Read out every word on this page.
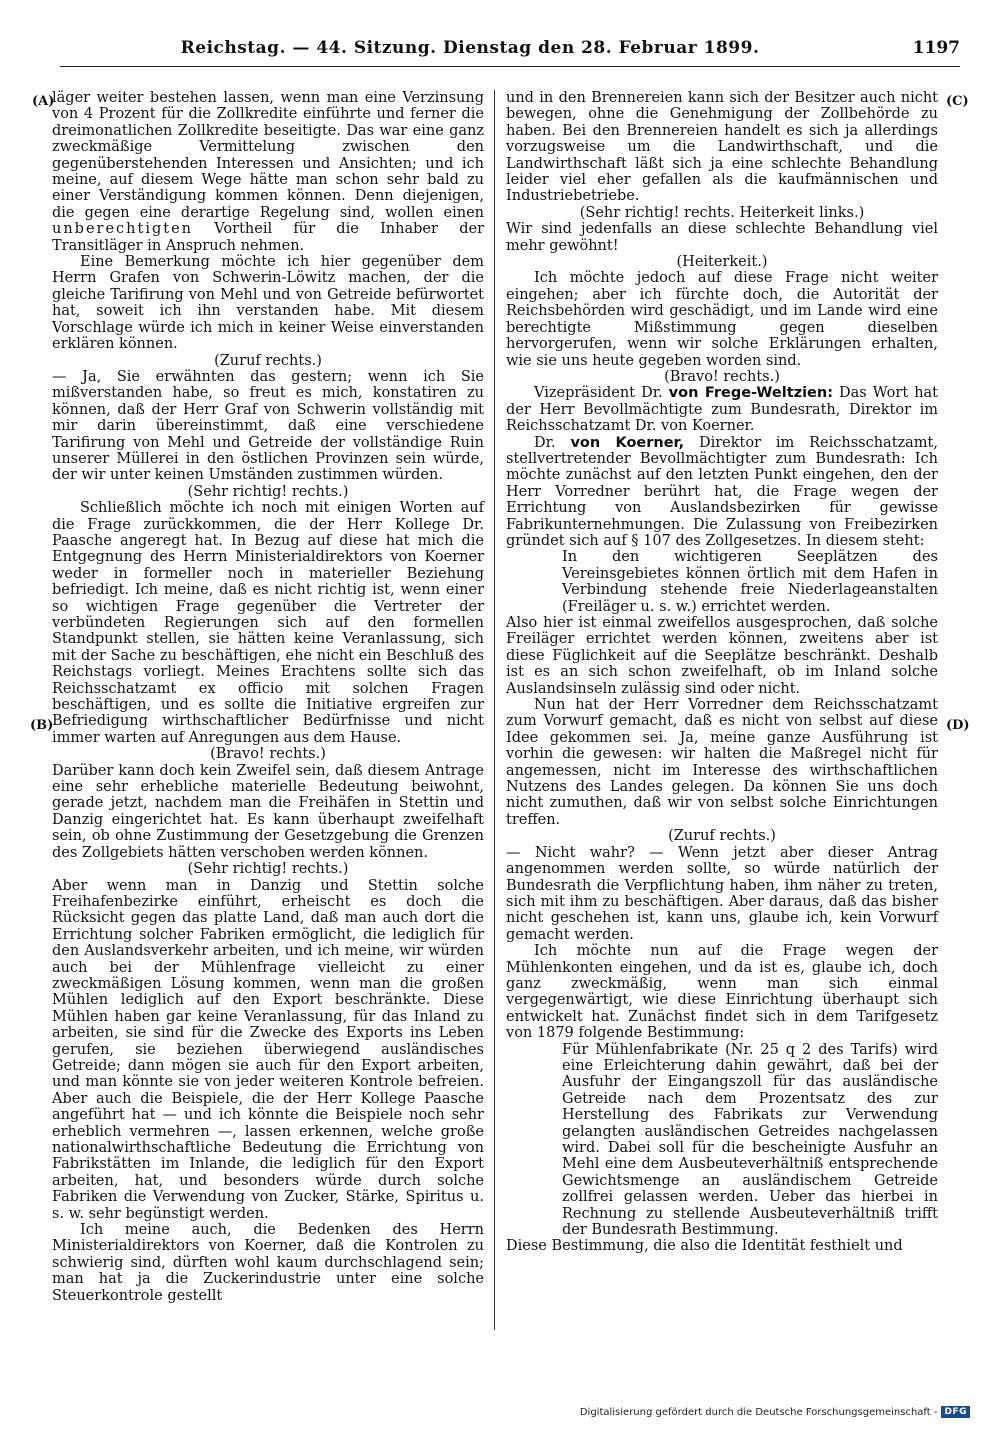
Reichstag. — 44. Sitzung. Dienstag den 28. Februar 1899.	1197
(A)
(B)
(C)
(D)

läger weiter bestehen lassen, wenn man eine Verzinsung von 4 Prozent für die Zollkredite einführte und ferner die dreimonatlichen Zollkredite beseitigte. Das war eine ganz zweckmäßige Vermittelung zwischen den gegenüberstehenden Interessen und Ansichten; und ich meine, auf diesem Wege hätte man schon sehr bald zu einer Verständigung kommen können. Denn diejenigen, die gegen eine derartige Regelung sind, wollen einen unberechtigten Vortheil für die Inhaber der Transitläger in Anspruch nehmen.

Eine Bemerkung möchte ich hier gegenüber dem Herrn Grafen von Schwerin-Löwitz machen, der die gleiche Tarifirung von Mehl und von Getreide befürwortet hat, soweit ich ihn verstanden habe. Mit diesem Vorschlage würde ich mich in keiner Weise einverstanden erklären können.

(Zuruf rechts.)

— Ja, Sie erwähnten das gestern; wenn ich Sie mißverstanden habe, so freut es mich, konstatiren zu können, daß der Herr Graf von Schwerin vollständig mit mir darin übereinstimmt, daß eine verschiedene Tarifirung von Mehl und Getreide der vollständige Ruin unserer Müllerei in den östlichen Provinzen sein würde, der wir unter keinen Umständen zustimmen würden.

(Sehr richtig! rechts.)

Schließlich möchte ich noch mit einigen Worten auf die Frage zurückkommen, die der Herr Kollege Dr. Paasche angeregt hat. In Bezug auf diese hat mich die Entgegnung des Herrn Ministerialdirektors von Koerner weder in formeller noch in materieller Beziehung befriedigt. Ich meine, daß es nicht richtig ist, wenn einer so wichtigen Frage gegenüber die Vertreter der verbündeten Regierungen sich auf den formellen Standpunkt stellen, sie hätten keine Veranlassung, sich mit der Sache zu beschäftigen, ehe nicht ein Beschluß des Reichstags vorliegt. Meines Erachtens sollte sich das Reichsschatzamt ex officio mit solchen Fragen beschäftigen, und es sollte die Initiative ergreifen zur Befriedigung wirthschaftlicher Bedürfnisse und nicht immer warten auf Anregungen aus dem Hause.

(Bravo! rechts.)

Darüber kann doch kein Zweifel sein, daß diesem Antrage eine sehr erhebliche materielle Bedeutung beiwohnt, gerade jetzt, nachdem man die Freihäfen in Stettin und Danzig eingerichtet hat. Es kann überhaupt zweifelhaft sein, ob ohne Zustimmung der Gesetzgebung die Grenzen des Zollgebiets hätten verschoben werden können.

(Sehr richtig! rechts.)

Aber wenn man in Danzig und Stettin solche Freihafenbezirke einführt, erheischt es doch die Rücksicht gegen das platte Land, daß man auch dort die Errichtung solcher Fabriken ermöglicht, die lediglich für den Auslandsverkehr arbeiten, und ich meine, wir würden auch bei der Mühlenfrage vielleicht zu einer zweckmäßigen Lösung kommen, wenn man die großen Mühlen lediglich auf den Export beschränkte. Diese Mühlen haben gar keine Veranlassung, für das Inland zu arbeiten, sie sind für die Zwecke des Exports ins Leben gerufen, sie beziehen überwiegend ausländisches Getreide; dann mögen sie auch für den Export arbeiten, und man könnte sie von jeder weiteren Kontrole befreien. Aber auch die Beispiele, die der Herr Kollege Paasche angeführt hat — und ich könnte die Beispiele noch sehr erheblich vermehren —, lassen erkennen, welche große nationalwirthschaftliche Bedeutung die Errichtung von Fabrikstätten im Inlande, die lediglich für den Export arbeiten, hat, und besonders würde durch solche Fabriken die Verwendung von Zucker, Stärke, Spiritus u. s. w. sehr begünstigt werden.

Ich meine auch, die Bedenken des Herrn Ministerialdirektors von Koerner, daß die Kontrolen zu schwierig sind, dürften wohl kaum durchschlagend sein; man hat ja die Zuckerindustrie unter eine solche Steuerkontrole gestellt

und in den Brennereien kann sich der Besitzer auch nicht bewegen, ohne die Genehmigung der Zollbehörde zu haben. Bei den Brennereien handelt es sich ja allerdings vorzugsweise um die Landwirthschaft, und die Landwirthschaft läßt sich ja eine schlechte Behandlung leider viel eher gefallen als die kaufmännischen und Industriebetriebe.

(Sehr richtig! rechts. Heiterkeit links.)

Wir sind jedenfalls an diese schlechte Behandlung viel mehr gewöhnt!

(Heiterkeit.)

Ich möchte jedoch auf diese Frage nicht weiter eingehen; aber ich fürchte doch, die Autorität der Reichsbehörden wird geschädigt, und im Lande wird eine berechtigte Mißstimmung gegen dieselben hervorgerufen, wenn wir solche Erklärungen erhalten, wie sie uns heute gegeben worden sind.

(Bravo! rechts.)

Vizepräsident Dr. von Frege-Weltzien: Das Wort hat der Herr Bevollmächtigte zum Bundesrath, Direktor im Reichsschatzamt Dr. von Koerner.

Dr. von Koerner, Direktor im Reichsschatzamt, stellvertretender Bevollmächtigter zum Bundesrath: Ich möchte zunächst auf den letzten Punkt eingehen, den der Herr Vorredner berührt hat, die Frage wegen der Errichtung von Auslandsbezirken für gewisse Fabrikunternehmungen. Die Zulassung von Freibezirken gründet sich auf § 107 des Zollgesetzes. In diesem steht:

In den wichtigeren Seeplätzen des Vereinsgebietes können örtlich mit dem Hafen in Verbindung stehende freie Niederlageanstalten (Freiläger u. s. w.) errichtet werden.

Also hier ist einmal zweifellos ausgesprochen, daß solche Freiläger errichtet werden können, zweitens aber ist diese Füglichkeit auf die Seeplätze beschränkt. Deshalb ist es an sich schon zweifelhaft, ob im Inland solche Auslandsinseln zulässig sind oder nicht.

Nun hat der Herr Vorredner dem Reichsschatzamt zum Vorwurf gemacht, daß es nicht von selbst auf diese Idee gekommen sei. Ja, meine ganze Ausführung ist vorhin die gewesen: wir halten die Maßregel nicht für angemessen, nicht im Interesse des wirthschaftlichen Nutzens des Landes gelegen. Da können Sie uns doch nicht zumuthen, daß wir von selbst solche Einrichtungen treffen.

(Zuruf rechts.)

— Nicht wahr? — Wenn jetzt aber dieser Antrag angenommen werden sollte, so würde natürlich der Bundesrath die Verpflichtung haben, ihm näher zu treten, sich mit ihm zu beschäftigen. Aber daraus, daß das bisher nicht geschehen ist, kann uns, glaube ich, kein Vorwurf gemacht werden.

Ich möchte nun auf die Frage wegen der Mühlenkonten eingehen, und da ist es, glaube ich, doch ganz zweckmäßig, wenn man sich einmal vergegenwärtigt, wie diese Einrichtung überhaupt sich entwickelt hat. Zunächst findet sich in dem Tarifgesetz von 1879 folgende Bestimmung:

Für Mühlenfabrikate (Nr. 25 q 2 des Tarifs) wird eine Erleichterung dahin gewährt, daß bei der Ausfuhr der Eingangszoll für das ausländische Getreide nach dem Prozentsatz des zur Herstellung des Fabrikats zur Verwendung gelangten ausländischen Getreides nachgelassen wird. Dabei soll für die bescheinigte Ausfuhr an Mehl eine dem Ausbeuteverhältniß entsprechende Gewichtsmenge an ausländischem Getreide zollfrei gelassen werden. Ueber das hierbei in Rechnung zu stellende Ausbeuteverhältniß trifft der Bundesrath Bestimmung.

Diese Bestimmung, die also die Identität festhielt und

Digitalisierung gefördert durch die Deutsche Forschungsgemeinschaft - DFG
